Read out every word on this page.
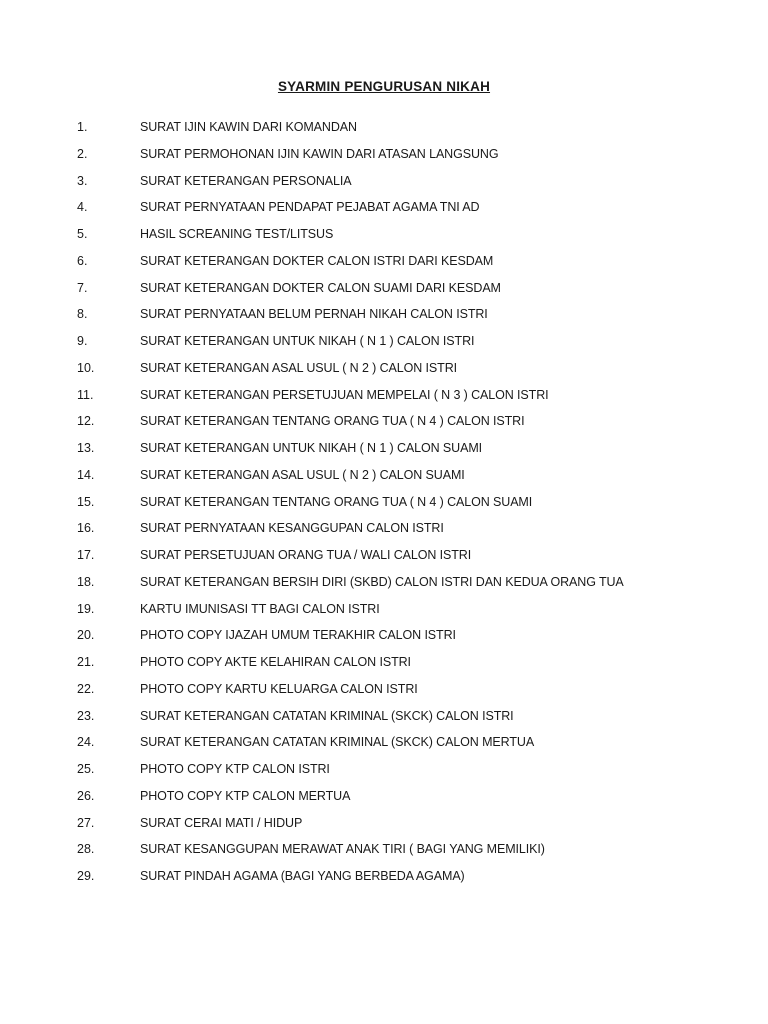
SYARMIN PENGURUSAN NIKAH
1.	SURAT IJIN KAWIN DARI KOMANDAN
2.	SURAT PERMOHONAN IJIN KAWIN DARI ATASAN LANGSUNG
3.	SURAT KETERANGAN PERSONALIA
4.	SURAT PERNYATAAN PENDAPAT PEJABAT AGAMA TNI AD
5.	HASIL SCREANING TEST/LITSUS
6.	SURAT KETERANGAN DOKTER CALON ISTRI DARI KESDAM
7.	SURAT KETERANGAN DOKTER CALON SUAMI DARI KESDAM
8.	SURAT PERNYATAAN BELUM PERNAH NIKAH CALON ISTRI
9.	SURAT KETERANGAN UNTUK NIKAH ( N 1 ) CALON ISTRI
10.	SURAT KETERANGAN ASAL USUL ( N 2 ) CALON ISTRI
11.	SURAT KETERANGAN PERSETUJUAN MEMPELAI ( N 3 ) CALON ISTRI
12.	SURAT KETERANGAN TENTANG ORANG TUA ( N 4 ) CALON ISTRI
13.	SURAT KETERANGAN UNTUK NIKAH ( N 1 ) CALON SUAMI
14.	SURAT KETERANGAN ASAL USUL ( N 2 ) CALON SUAMI
15.	SURAT KETERANGAN TENTANG ORANG TUA ( N 4 ) CALON SUAMI
16.	SURAT PERNYATAAN KESANGGUPAN CALON ISTRI
17.	SURAT PERSETUJUAN ORANG TUA / WALI CALON ISTRI
18.	SURAT KETERANGAN BERSIH DIRI (SKBD) CALON ISTRI DAN KEDUA ORANG TUA
19.	KARTU IMUNISASI TT BAGI CALON ISTRI
20.	PHOTO COPY IJAZAH UMUM TERAKHIR CALON ISTRI
21.	PHOTO COPY AKTE KELAHIRAN CALON ISTRI
22.	PHOTO COPY KARTU KELUARGA CALON ISTRI
23.	SURAT KETERANGAN CATATAN KRIMINAL (SKCK) CALON ISTRI
24.	SURAT KETERANGAN CATATAN KRIMINAL (SKCK) CALON MERTUA
25.	PHOTO COPY KTP CALON ISTRI
26.	PHOTO COPY KTP CALON MERTUA
27.	SURAT CERAI MATI / HIDUP
28.	SURAT KESANGGUPAN MERAWAT ANAK TIRI ( BAGI YANG MEMILIKI)
29.	SURAT PINDAH AGAMA (BAGI YANG BERBEDA AGAMA)
